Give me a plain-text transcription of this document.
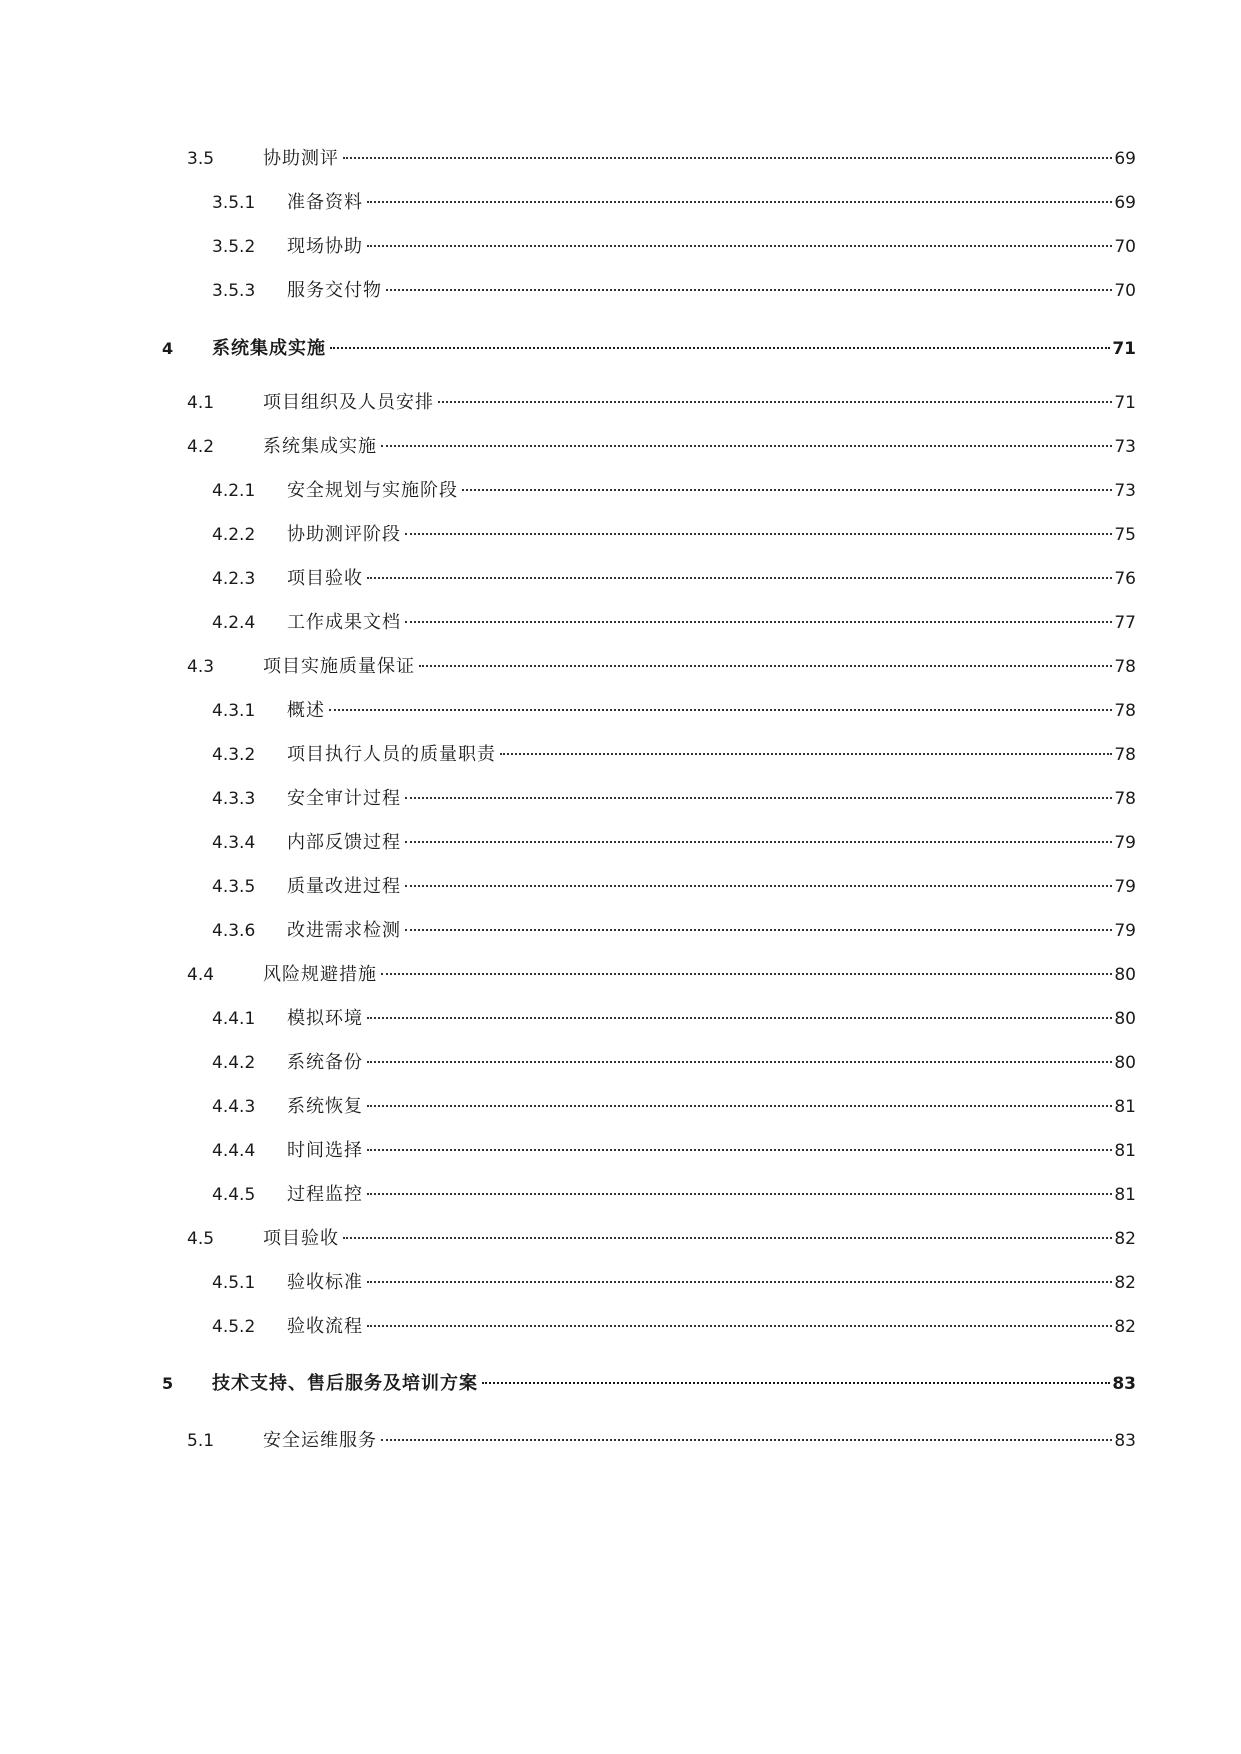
3.5	协助测评	69
3.5.1 准备资料	69
3.5.2 现场协助	70
3.5.3 服务交付物	70
4 系统集成实施	71
4.1	项目组织及人员安排	71
4.2	系统集成实施	73
4.2.1 安全规划与实施阶段	73
4.2.2 协助测评阶段	75
4.2.3 项目验收	76
4.2.4 工作成果文档	77
4.3	项目实施质量保证	78
4.3.1 概述	78
4.3.2 项目执行人员的质量职责	78
4.3.3 安全审计过程	78
4.3.4 内部反馈过程	79
4.3.5 质量改进过程	79
4.3.6 改进需求检测	79
4.4	风险规避措施	80
4.4.1 模拟环境	80
4.4.2 系统备份	80
4.4.3 系统恢复	81
4.4.4 时间选择	81
4.4.5 过程监控	81
4.5	项目验收	82
4.5.1 验收标准	82
4.5.2 验收流程	82
5 技术支持、售后服务及培训方案	83
5.1	安全运维服务	83
